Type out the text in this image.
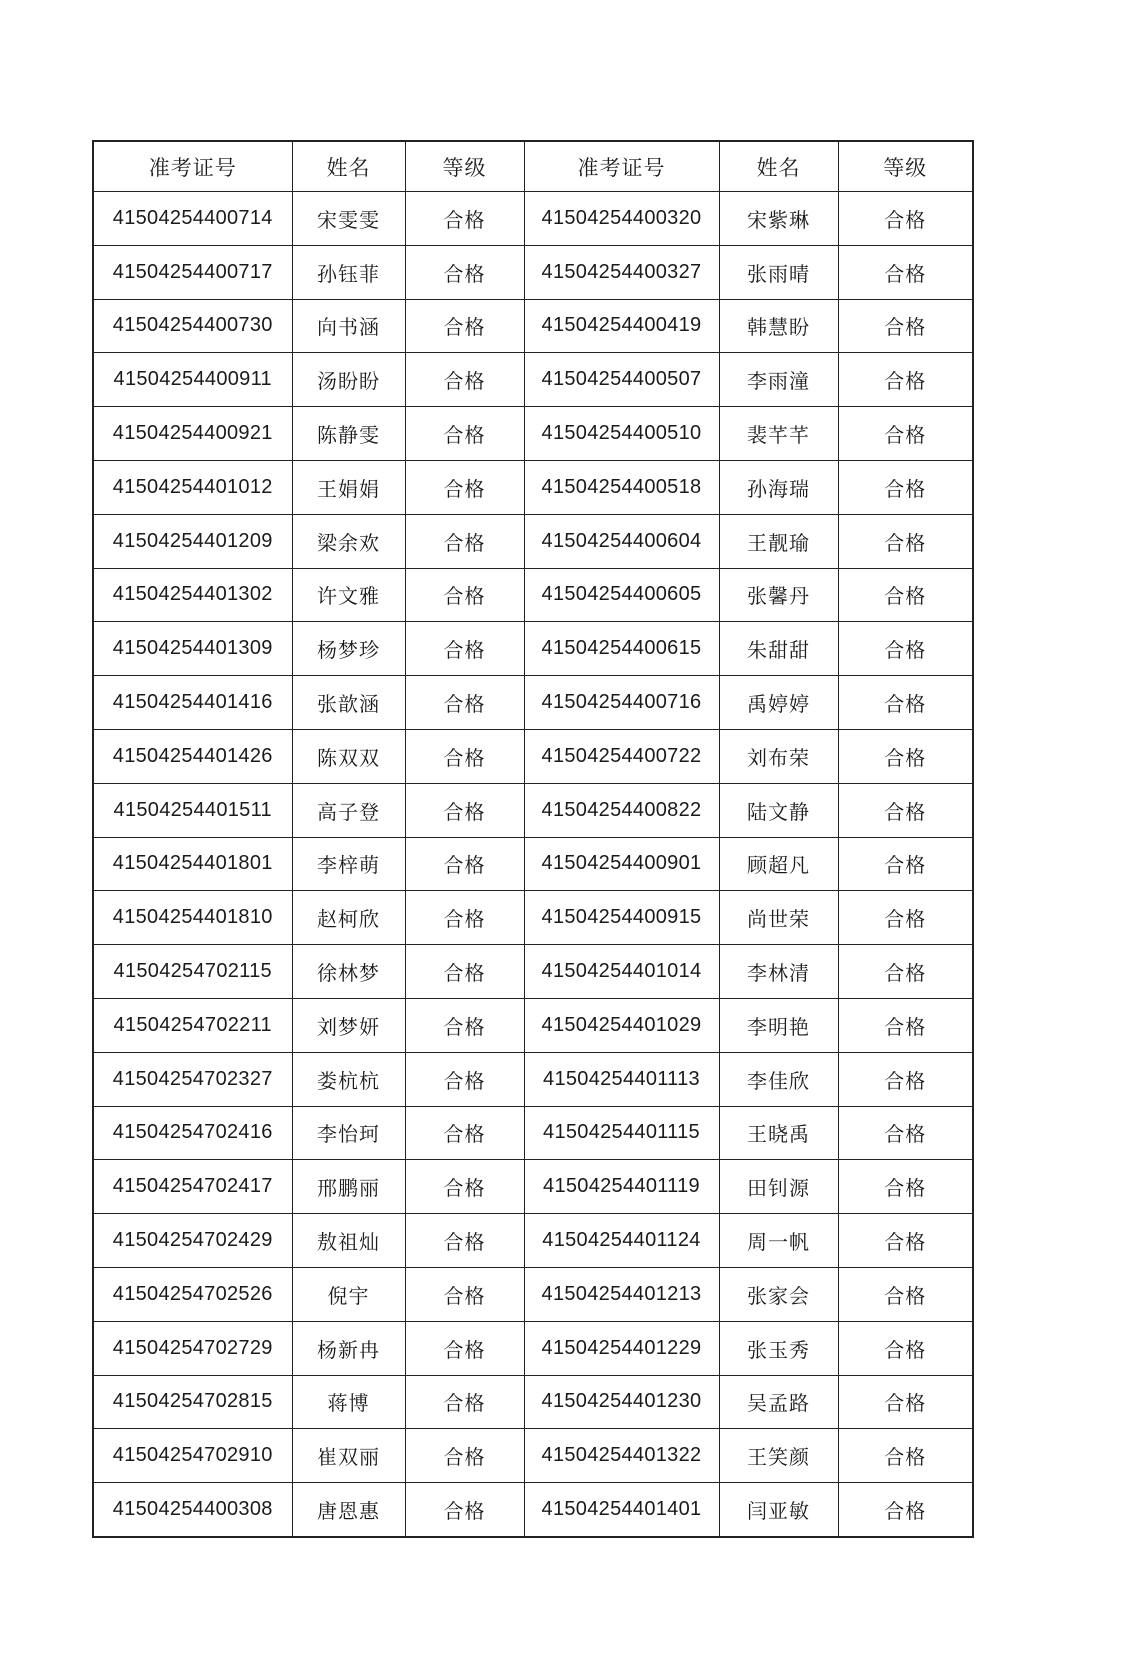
准考证号	姓名	等级	准考证号	姓名	等级
41504254400714	宋雯雯	合格	41504254400320	宋紫琳	合格
41504254400717	孙钰菲	合格	41504254400327	张雨晴	合格
41504254400730	向书涵	合格	41504254400419	韩慧盼	合格
41504254400911	汤盼盼	合格	41504254400507	李雨潼	合格
41504254400921	陈静雯	合格	41504254400510	裴芊芊	合格
41504254401012	王娟娟	合格	41504254400518	孙海瑞	合格
41504254401209	梁余欢	合格	41504254400604	王靓瑜	合格
41504254401302	许文雅	合格	41504254400605	张馨丹	合格
41504254401309	杨梦珍	合格	41504254400615	朱甜甜	合格
41504254401416	张歆涵	合格	41504254400716	禹婷婷	合格
41504254401426	陈双双	合格	41504254400722	刘布荣	合格
41504254401511	高子登	合格	41504254400822	陆文静	合格
41504254401801	李梓萌	合格	41504254400901	顾超凡	合格
41504254401810	赵柯欣	合格	41504254400915	尚世荣	合格
41504254702115	徐林梦	合格	41504254401014	李林清	合格
41504254702211	刘梦妍	合格	41504254401029	李明艳	合格
41504254702327	娄杭杭	合格	41504254401113	李佳欣	合格
41504254702416	李怡珂	合格	41504254401115	王晓禹	合格
41504254702417	邢鹏丽	合格	41504254401119	田钊源	合格
41504254702429	敖祖灿	合格	41504254401124	周一帆	合格
41504254702526	倪宇	合格	41504254401213	张家会	合格
41504254702729	杨新冉	合格	41504254401229	张玉秀	合格
41504254702815	蒋博	合格	41504254401230	吴孟路	合格
41504254702910	崔双丽	合格	41504254401322	王笑颜	合格
41504254400308	唐恩惠	合格	41504254401401	闫亚敏	合格
